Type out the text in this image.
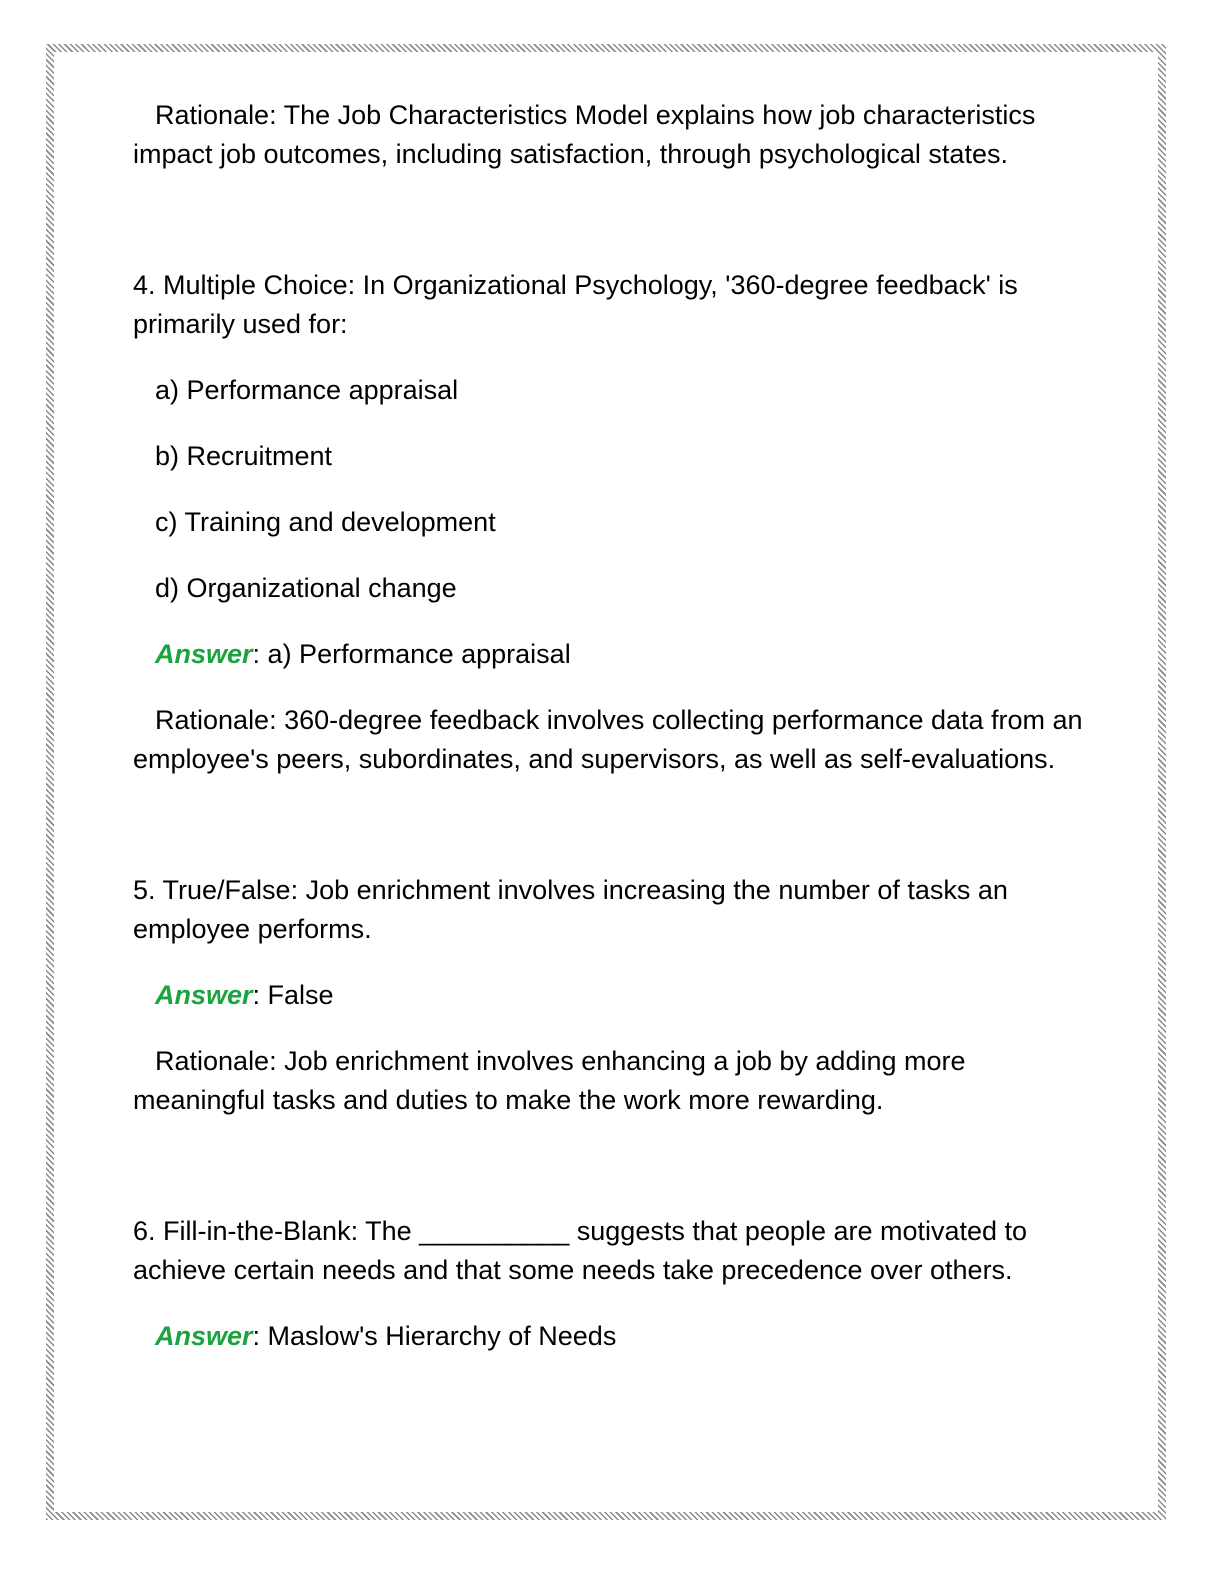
Rationale: The Job Characteristics Model explains how job characteristics impact job outcomes, including satisfaction, through psychological states.

4. Multiple Choice: In Organizational Psychology, '360-degree feedback' is primarily used for:

a) Performance appraisal

b) Recruitment

c) Training and development

d) Organizational change

Answer: a) Performance appraisal

Rationale: 360-degree feedback involves collecting performance data from an employee's peers, subordinates, and supervisors, as well as self-evaluations.

5. True/False: Job enrichment involves increasing the number of tasks an employee performs.

Answer: False

Rationale: Job enrichment involves enhancing a job by adding more meaningful tasks and duties to make the work more rewarding.

6. Fill-in-the-Blank: The __________ suggests that people are motivated to achieve certain needs and that some needs take precedence over others.

Answer: Maslow's Hierarchy of Needs
